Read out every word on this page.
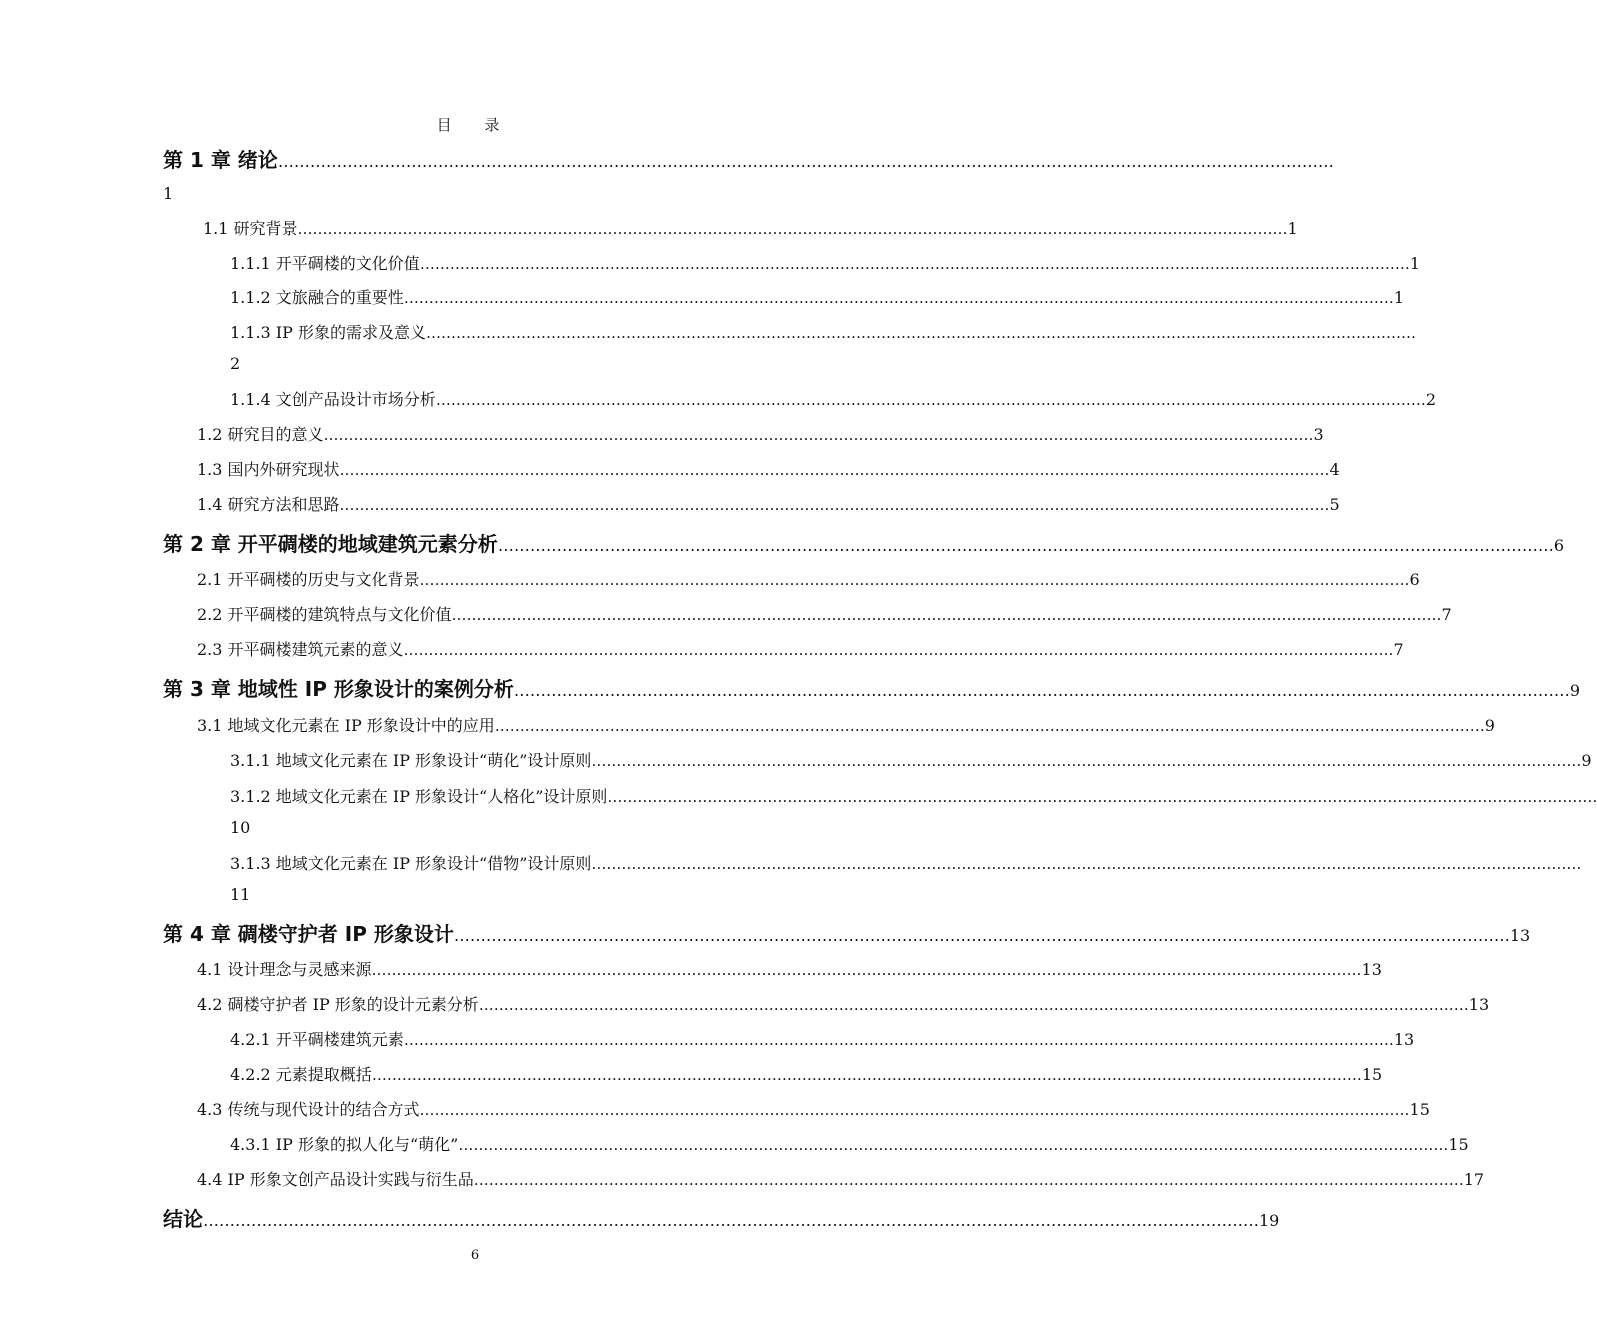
目 录
第 1 章 绪论 ………………………………………………………………………………………………………………………………………………………………………………
1
1.1 研究背景 ……………………………………………………………………………………………………………………………………………………………………………… 1
1.1.1 开平碉楼的文化价值 ……………………………………………………………………………………………………………………………………………………………………………… 1
1.1.2 文旅融合的重要性 ……………………………………………………………………………………………………………………………………………………………………………… 1
1.1.3 IP 形象的需求及意义 ………………………………………………………………………………………………………………………………………………………………………………
2
1.1.4 文创产品设计市场分析 ……………………………………………………………………………………………………………………………………………………………………………… 2
1.2 研究目的意义 ……………………………………………………………………………………………………………………………………………………………………………… 3
1.3 国内外研究现状 ……………………………………………………………………………………………………………………………………………………………………………… 4
1.4 研究方法和思路 ……………………………………………………………………………………………………………………………………………………………………………… 5
第 2 章 开平碉楼的地域建筑元素分析 ……………………………………………………………………………………………………………………………………………………………………………… 6
2.1 开平碉楼的历史与文化背景 ……………………………………………………………………………………………………………………………………………………………………………… 6
2.2 开平碉楼的建筑特点与文化价值 ……………………………………………………………………………………………………………………………………………………………………………… 7
2.3 开平碉楼建筑元素的意义 ……………………………………………………………………………………………………………………………………………………………………………… 7
第 3 章 地域性 IP 形象设计的案例分析 ……………………………………………………………………………………………………………………………………………………………………………… 9
3.1 地域文化元素在 IP 形象设计中的应用 ……………………………………………………………………………………………………………………………………………………………………………… 9
3.1.1 地域文化元素在 IP 形象设计“萌化”设计原则 ……………………………………………………………………………………………………………………………………………………………………………… 9
3.1.2 地域文化元素在 IP 形象设计“人格化”设计原则 ………………………………………………………………………………………………………………………………………………………………………………
10
3.1.3 地域文化元素在 IP 形象设计“借物”设计原则 ………………………………………………………………………………………………………………………………………………………………………………
11
第 4 章 碉楼守护者 IP 形象设计 ……………………………………………………………………………………………………………………………………………………………………………… 13
4.1 设计理念与灵感来源 ……………………………………………………………………………………………………………………………………………………………………………… 13
4.2 碉楼守护者 IP 形象的设计元素分析 ……………………………………………………………………………………………………………………………………………………………………………… 13
4.2.1 开平碉楼建筑元素 ……………………………………………………………………………………………………………………………………………………………………………… 13
4.2.2 元素提取概括 ……………………………………………………………………………………………………………………………………………………………………………… 15
4.3 传统与现代设计的结合方式 ……………………………………………………………………………………………………………………………………………………………………………… 15
4.3.1 IP 形象的拟人化与“萌化” ……………………………………………………………………………………………………………………………………………………………………………… 15
4.4 IP 形象文创产品设计实践与衍生品 ……………………………………………………………………………………………………………………………………………………………………………… 17
结论 ……………………………………………………………………………………………………………………………………………………………………………… 19
6
